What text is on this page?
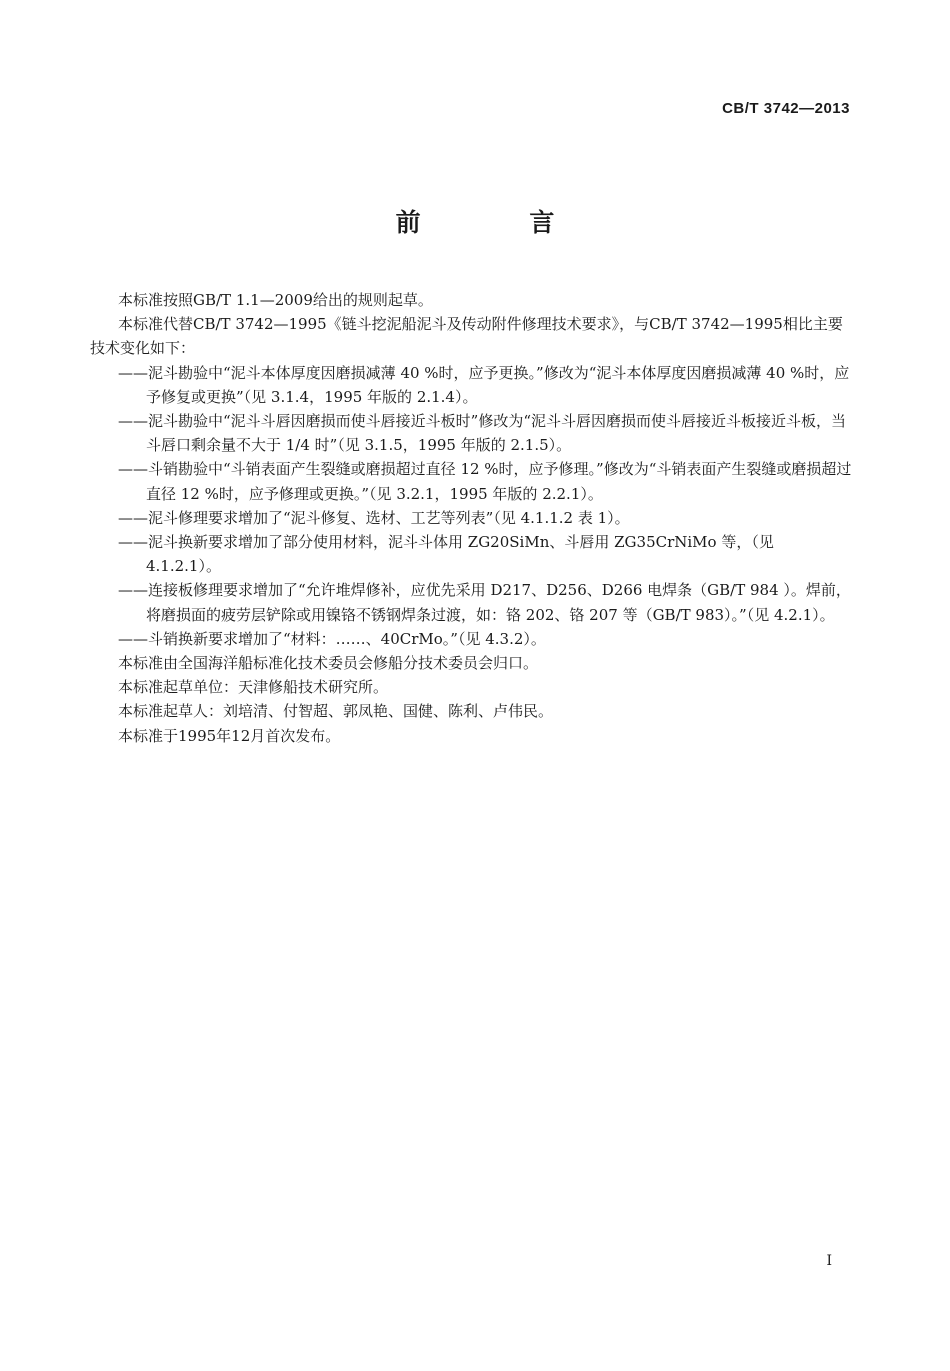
CB/T 3742—2013
前 言

本标准按照GB/T 1.1—2009给出的规则起草。

本标准代替CB/T 3742—1995《链斗挖泥船泥斗及传动附件修理技术要求》，与CB/T 3742—1995相比主要技术变化如下：

——泥斗勘验中“泥斗本体厚度因磨损减薄 40 %时，应予更换。”修改为“泥斗本体厚度因磨损减薄 40 %时，应予修复或更换”（见 3.1.4，1995 年版的 2.1.4）。

——泥斗勘验中“泥斗斗唇因磨损而使斗唇接近斗板时”修改为“泥斗斗唇因磨损而使斗唇接近斗板接近斗板，当斗唇口剩余量不大于 1/4 时”（见 3.1.5，1995 年版的 2.1.5）。

——斗销勘验中“斗销表面产生裂缝或磨损超过直径 12 %时，应予修理。”修改为“斗销表面产生裂缝或磨损超过直径 12 %时，应予修理或更换。”（见 3.2.1，1995 年版的 2.2.1）。

——泥斗修理要求增加了“泥斗修复、选材、工艺等列表”（见 4.1.1.2 表 1）。

——泥斗换新要求增加了部分使用材料，泥斗斗体用 ZG20SiMn、斗唇用 ZG35CrNiMo 等，（见 4.1.2.1）。

——连接板修理要求增加了“允许堆焊修补，应优先采用 D217、D256、D266 电焊条（GB/T 984 ）。焊前，将磨损面的疲劳层铲除或用镍铬不锈钢焊条过渡，如：铬 202、铬 207 等（GB/T 983）。”（见 4.2.1）。

——斗销换新要求增加了“材料：……、40CrMo。”（见 4.3.2）。

本标准由全国海洋船标准化技术委员会修船分技术委员会归口。

本标准起草单位：天津修船技术研究所。

本标准起草人：刘培清、付智超、郭凤艳、国健、陈利、卢伟民。

本标准于1995年12月首次发布。

I
